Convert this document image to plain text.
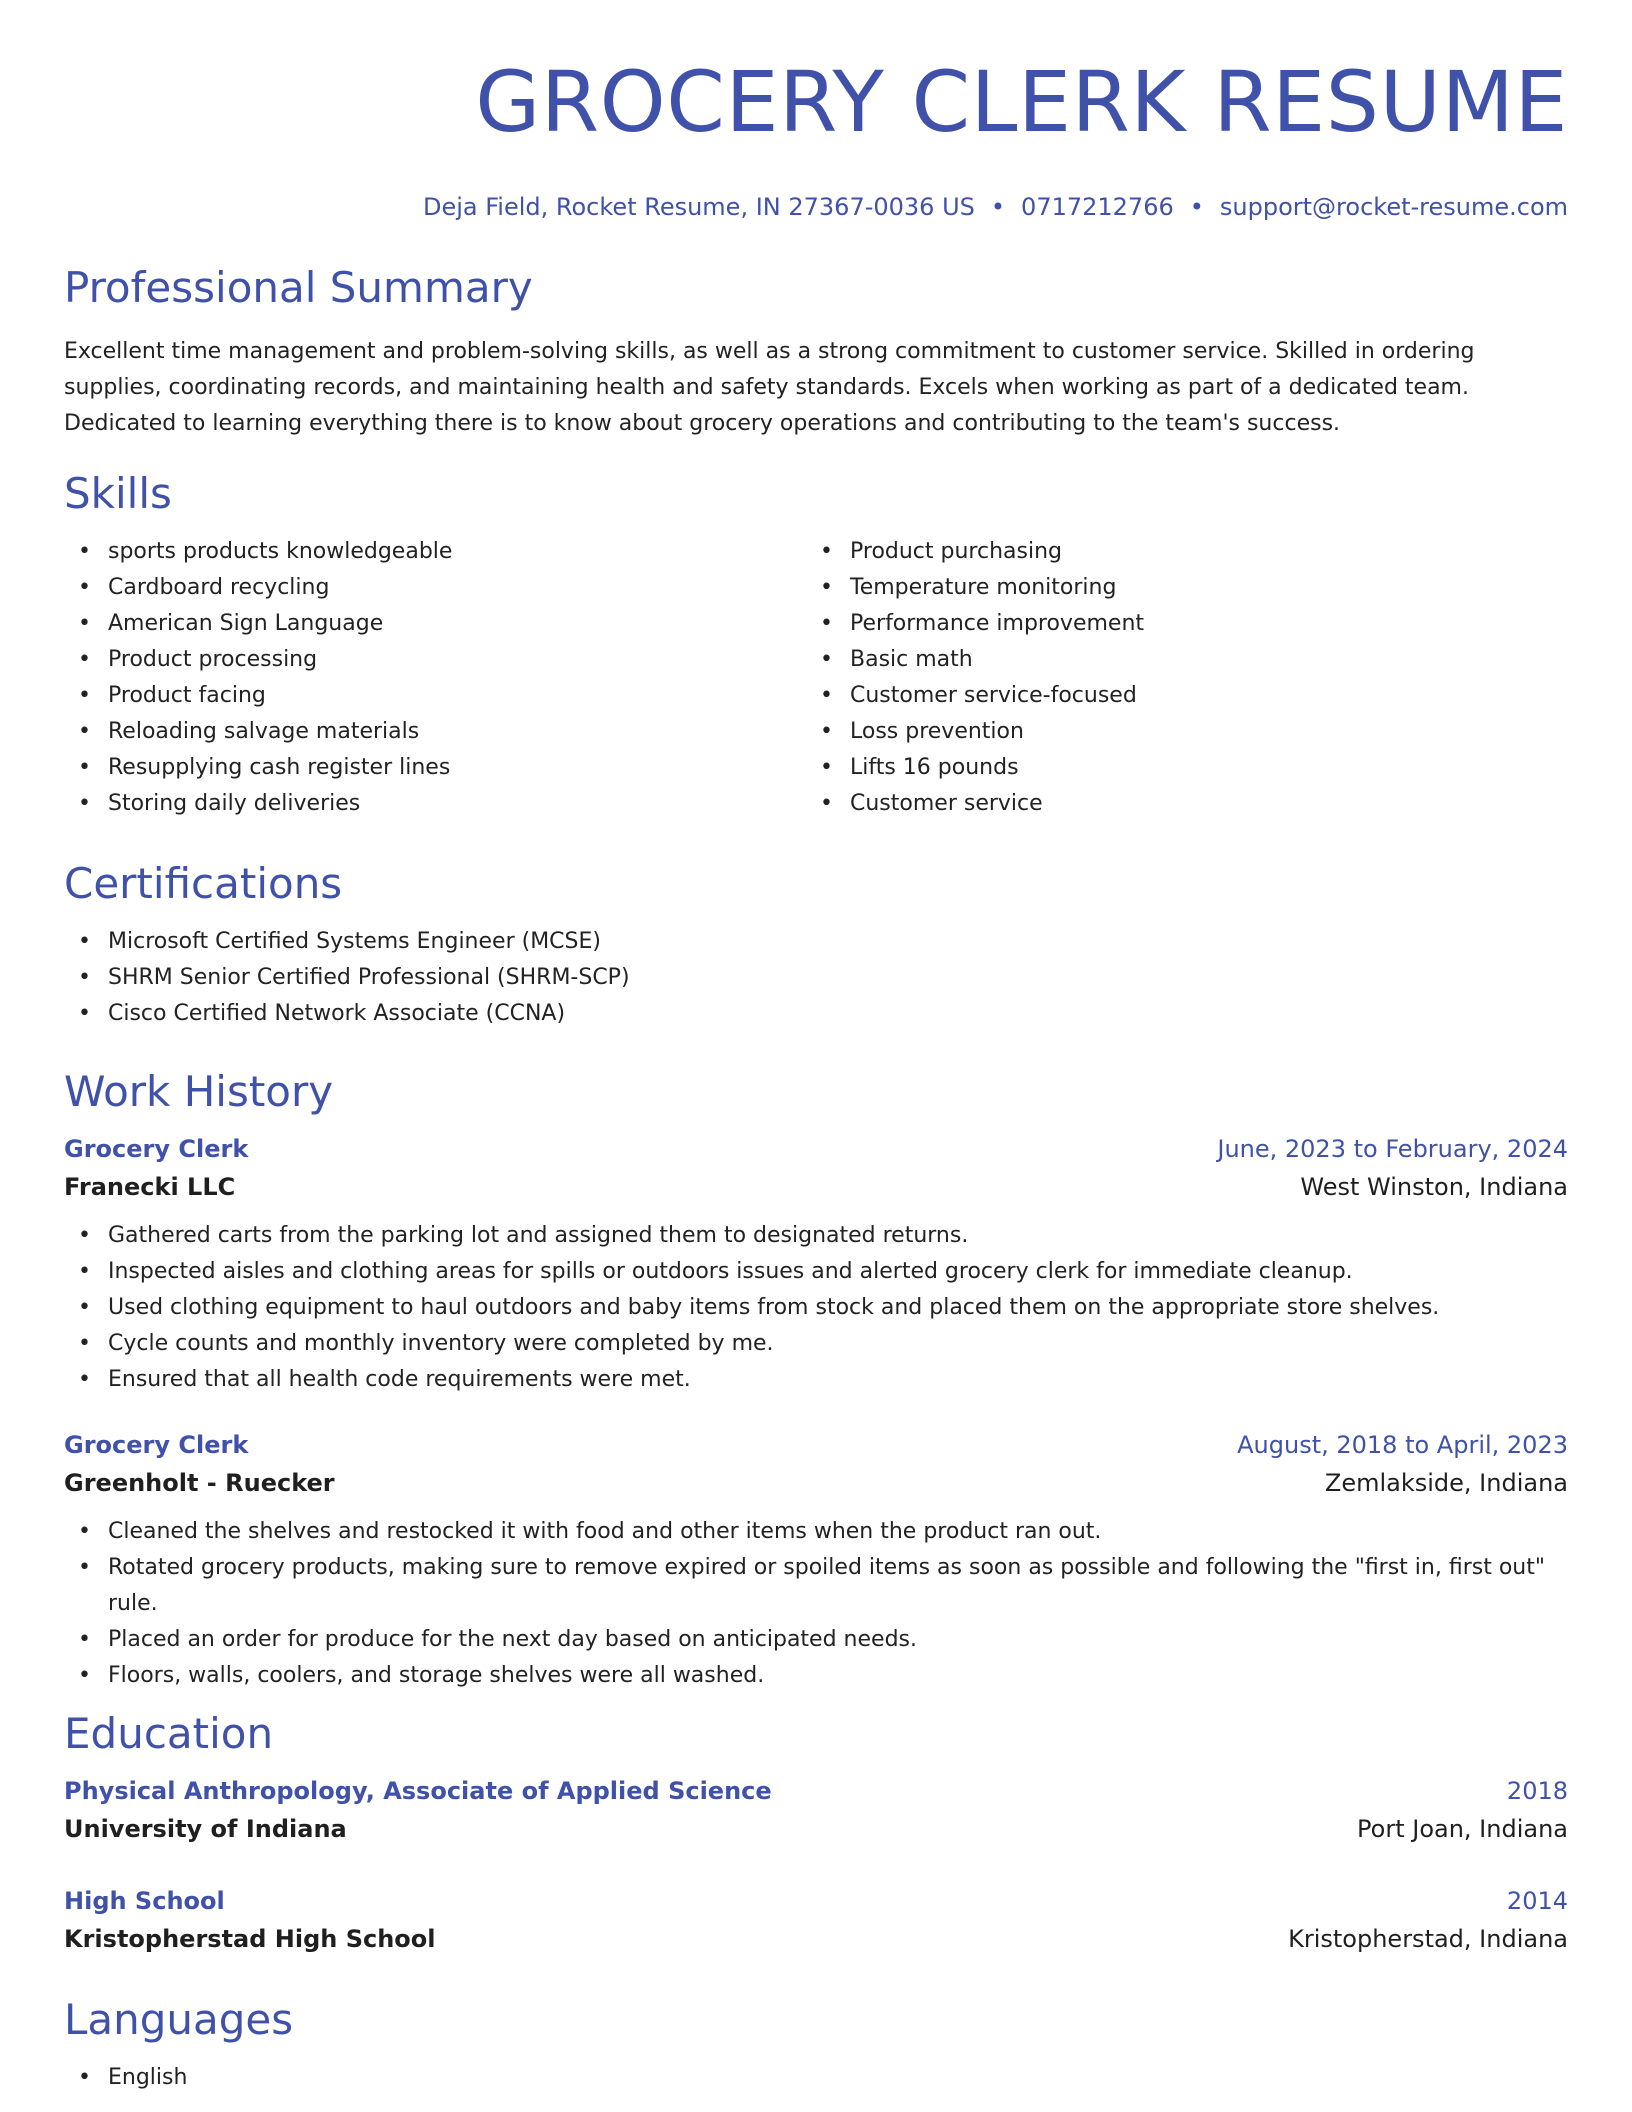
GROCERY CLERK RESUME
Deja Field, Rocket Resume, IN 27367-0036 US • 0717212766 • support@rocket-resume.com
Professional Summary

Excellent time management and problem-solving skills, as well as a strong commitment to customer service. Skilled in ordering supplies, coordinating records, and maintaining health and safety standards. Excels when working as part of a dedicated team. Dedicated to learning everything there is to know about grocery operations and contributing to the team's success.

Skills
• sports products knowledgeable
• Cardboard recycling
• American Sign Language
• Product processing
• Product facing
• Reloading salvage materials
• Resupplying cash register lines
• Storing daily deliveries
• Product purchasing
• Temperature monitoring
• Performance improvement
• Basic math
• Customer service-focused
• Loss prevention
• Lifts 16 pounds
• Customer service
Certifications
• Microsoft Certified Systems Engineer (MCSE)
• SHRM Senior Certified Professional (SHRM-SCP)
• Cisco Certified Network Associate (CCNA)
Work History
Grocery Clerk	June, 2023 to February, 2024
Franecki LLC	West Winston, Indiana
• Gathered carts from the parking lot and assigned them to designated returns.
• Inspected aisles and clothing areas for spills or outdoors issues and alerted grocery clerk for immediate cleanup.
• Used clothing equipment to haul outdoors and baby items from stock and placed them on the appropriate store shelves.
• Cycle counts and monthly inventory were completed by me.
• Ensured that all health code requirements were met.
Grocery Clerk	August, 2018 to April, 2023
Greenholt - Ruecker	Zemlakside, Indiana
• Cleaned the shelves and restocked it with food and other items when the product ran out.
• Rotated grocery products, making sure to remove expired or spoiled items as soon as possible and following the "first in, first out" rule.
• Placed an order for produce for the next day based on anticipated needs.
• Floors, walls, coolers, and storage shelves were all washed.
Education
Physical Anthropology, Associate of Applied Science	2018
University of Indiana	Port Joan, Indiana
High School	2014
Kristopherstad High School	Kristopherstad, Indiana
Languages
• English
